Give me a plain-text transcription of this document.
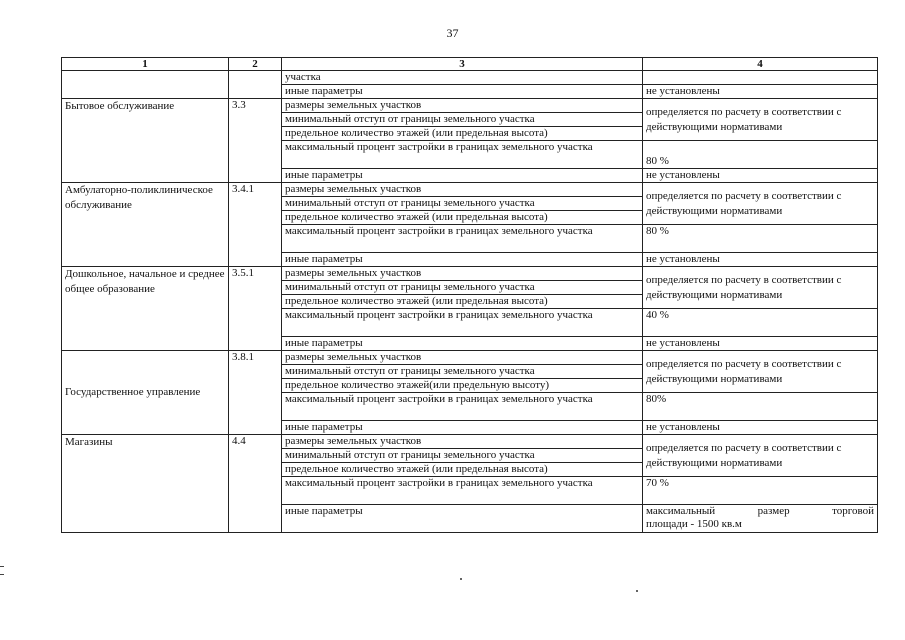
37
1	2	3	4
		участка	
		иные параметры	не установлены
Бытовое обслуживание	3.3	размеры земельных участков	определяется по расчету в соответствии с действующими нормативами
		минимальный отступ от границы земельного участка	
		предельное количество этажей (или предельная высота)	
		максимальный процент застройки в границах земельного участка	80 %
		иные параметры	не установлены
Амбулаторно-поликлиническое обслуживание	3.4.1	размеры земельных участков	определяется по расчету в соответствии с действующими нормативами
		минимальный отступ от границы земельного участка	
		предельное количество этажей (или предельная высота)	
		максимальный процент застройки в границах земельного участка	80 %
		иные параметры	не установлены
Дошкольное, начальное и среднее общее образование	3.5.1	размеры земельных участков	определяется по расчету в соответствии с действующими нормативами
		минимальный отступ от границы земельного участка	
		предельное количество этажей (или предельная высота)	
		максимальный процент застройки в границах земельного участка	40 %
		иные параметры	не установлены
Государственное управление	3.8.1	размеры земельных участков	определяется по расчету в соответствии с действующими нормативами
		минимальный отступ от границы земельного участка	
		предельное количество этажей(или предельную высоту)	
		максимальный процент застройки в границах земельного участка	80%
		иные параметры	не установлены
Магазины	4.4	размеры земельных участков	определяется по расчету в соответствии с действующими нормативами
		минимальный отступ от границы земельного участка	
		предельное количество этажей (или предельная высота)	
		максимальный процент застройки в границах земельного участка	70 %
		иные параметры	максимальный размер торговой
площади - 1500 кв.м
